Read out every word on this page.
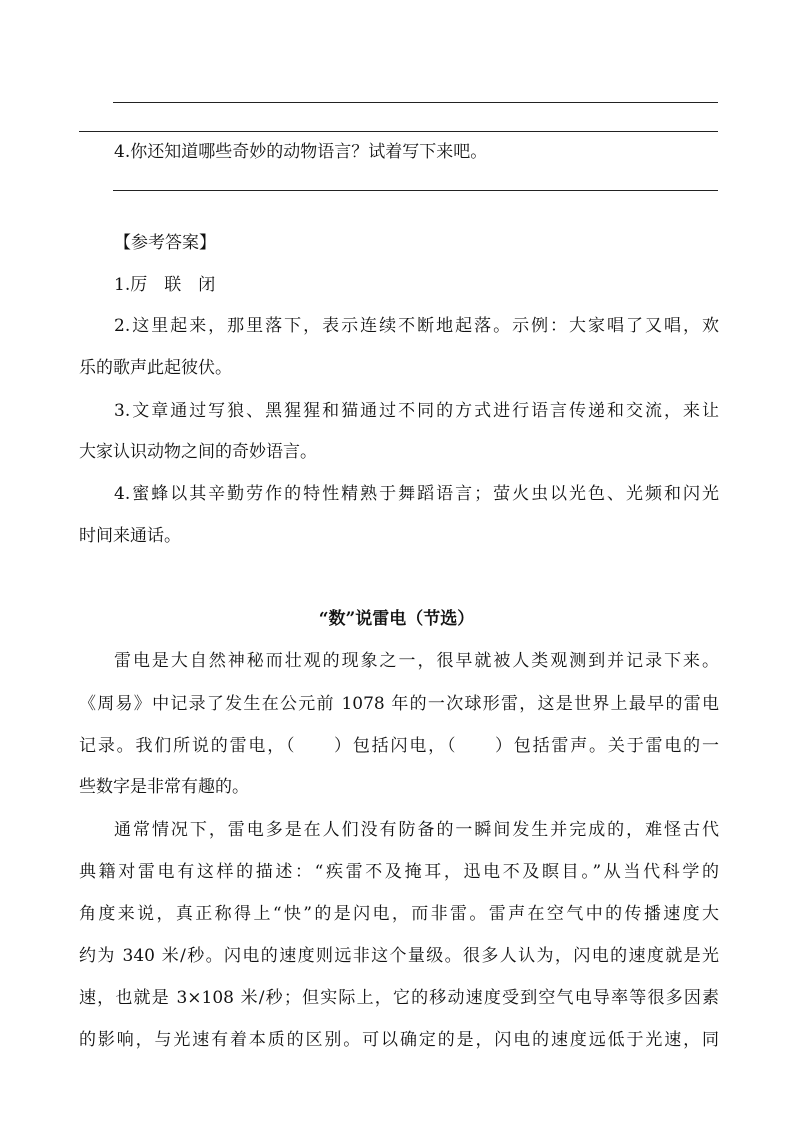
4.你还知道哪些奇妙的动物语言？试着写下来吧。
【参考答案】
1.厉　联　闭
2.这里起来，那里落下，表示连续不断地起落。示例：大家唱了又唱，欢
乐的歌声此起彼伏。
3.文章通过写狼、黑猩猩和猫通过不同的方式进行语言传递和交流，来让
大家认识动物之间的奇妙语言。
4.蜜蜂以其辛勤劳作的特性精熟于舞蹈语言；萤火虫以光色、光频和闪光
时间来通话。
“数”说雷电（节选）
雷电是大自然神秘而壮观的现象之一，很早就被人类观测到并记录下来。
《周易》中记录了发生在公元前 1078 年的一次球形雷，这是世界上最早的雷电
记录。我们所说的雷电，（　　）包括闪电，（　　）包括雷声。关于雷电的一
些数字是非常有趣的。
通常情况下，雷电多是在人们没有防备的一瞬间发生并完成的，难怪古代
典籍对雷电有这样的描述：“疾雷不及掩耳，迅电不及瞑目。”从当代科学的
角度来说，真正称得上“快”的是闪电，而非雷。雷声在空气中的传播速度大
约为 340 米/秒。闪电的速度则远非这个量级。很多人认为，闪电的速度就是光
速，也就是 3×108 米/秒；但实际上，它的移动速度受到空气电导率等很多因素
的影响，与光速有着本质的区别。可以确定的是，闪电的速度远低于光速，同
